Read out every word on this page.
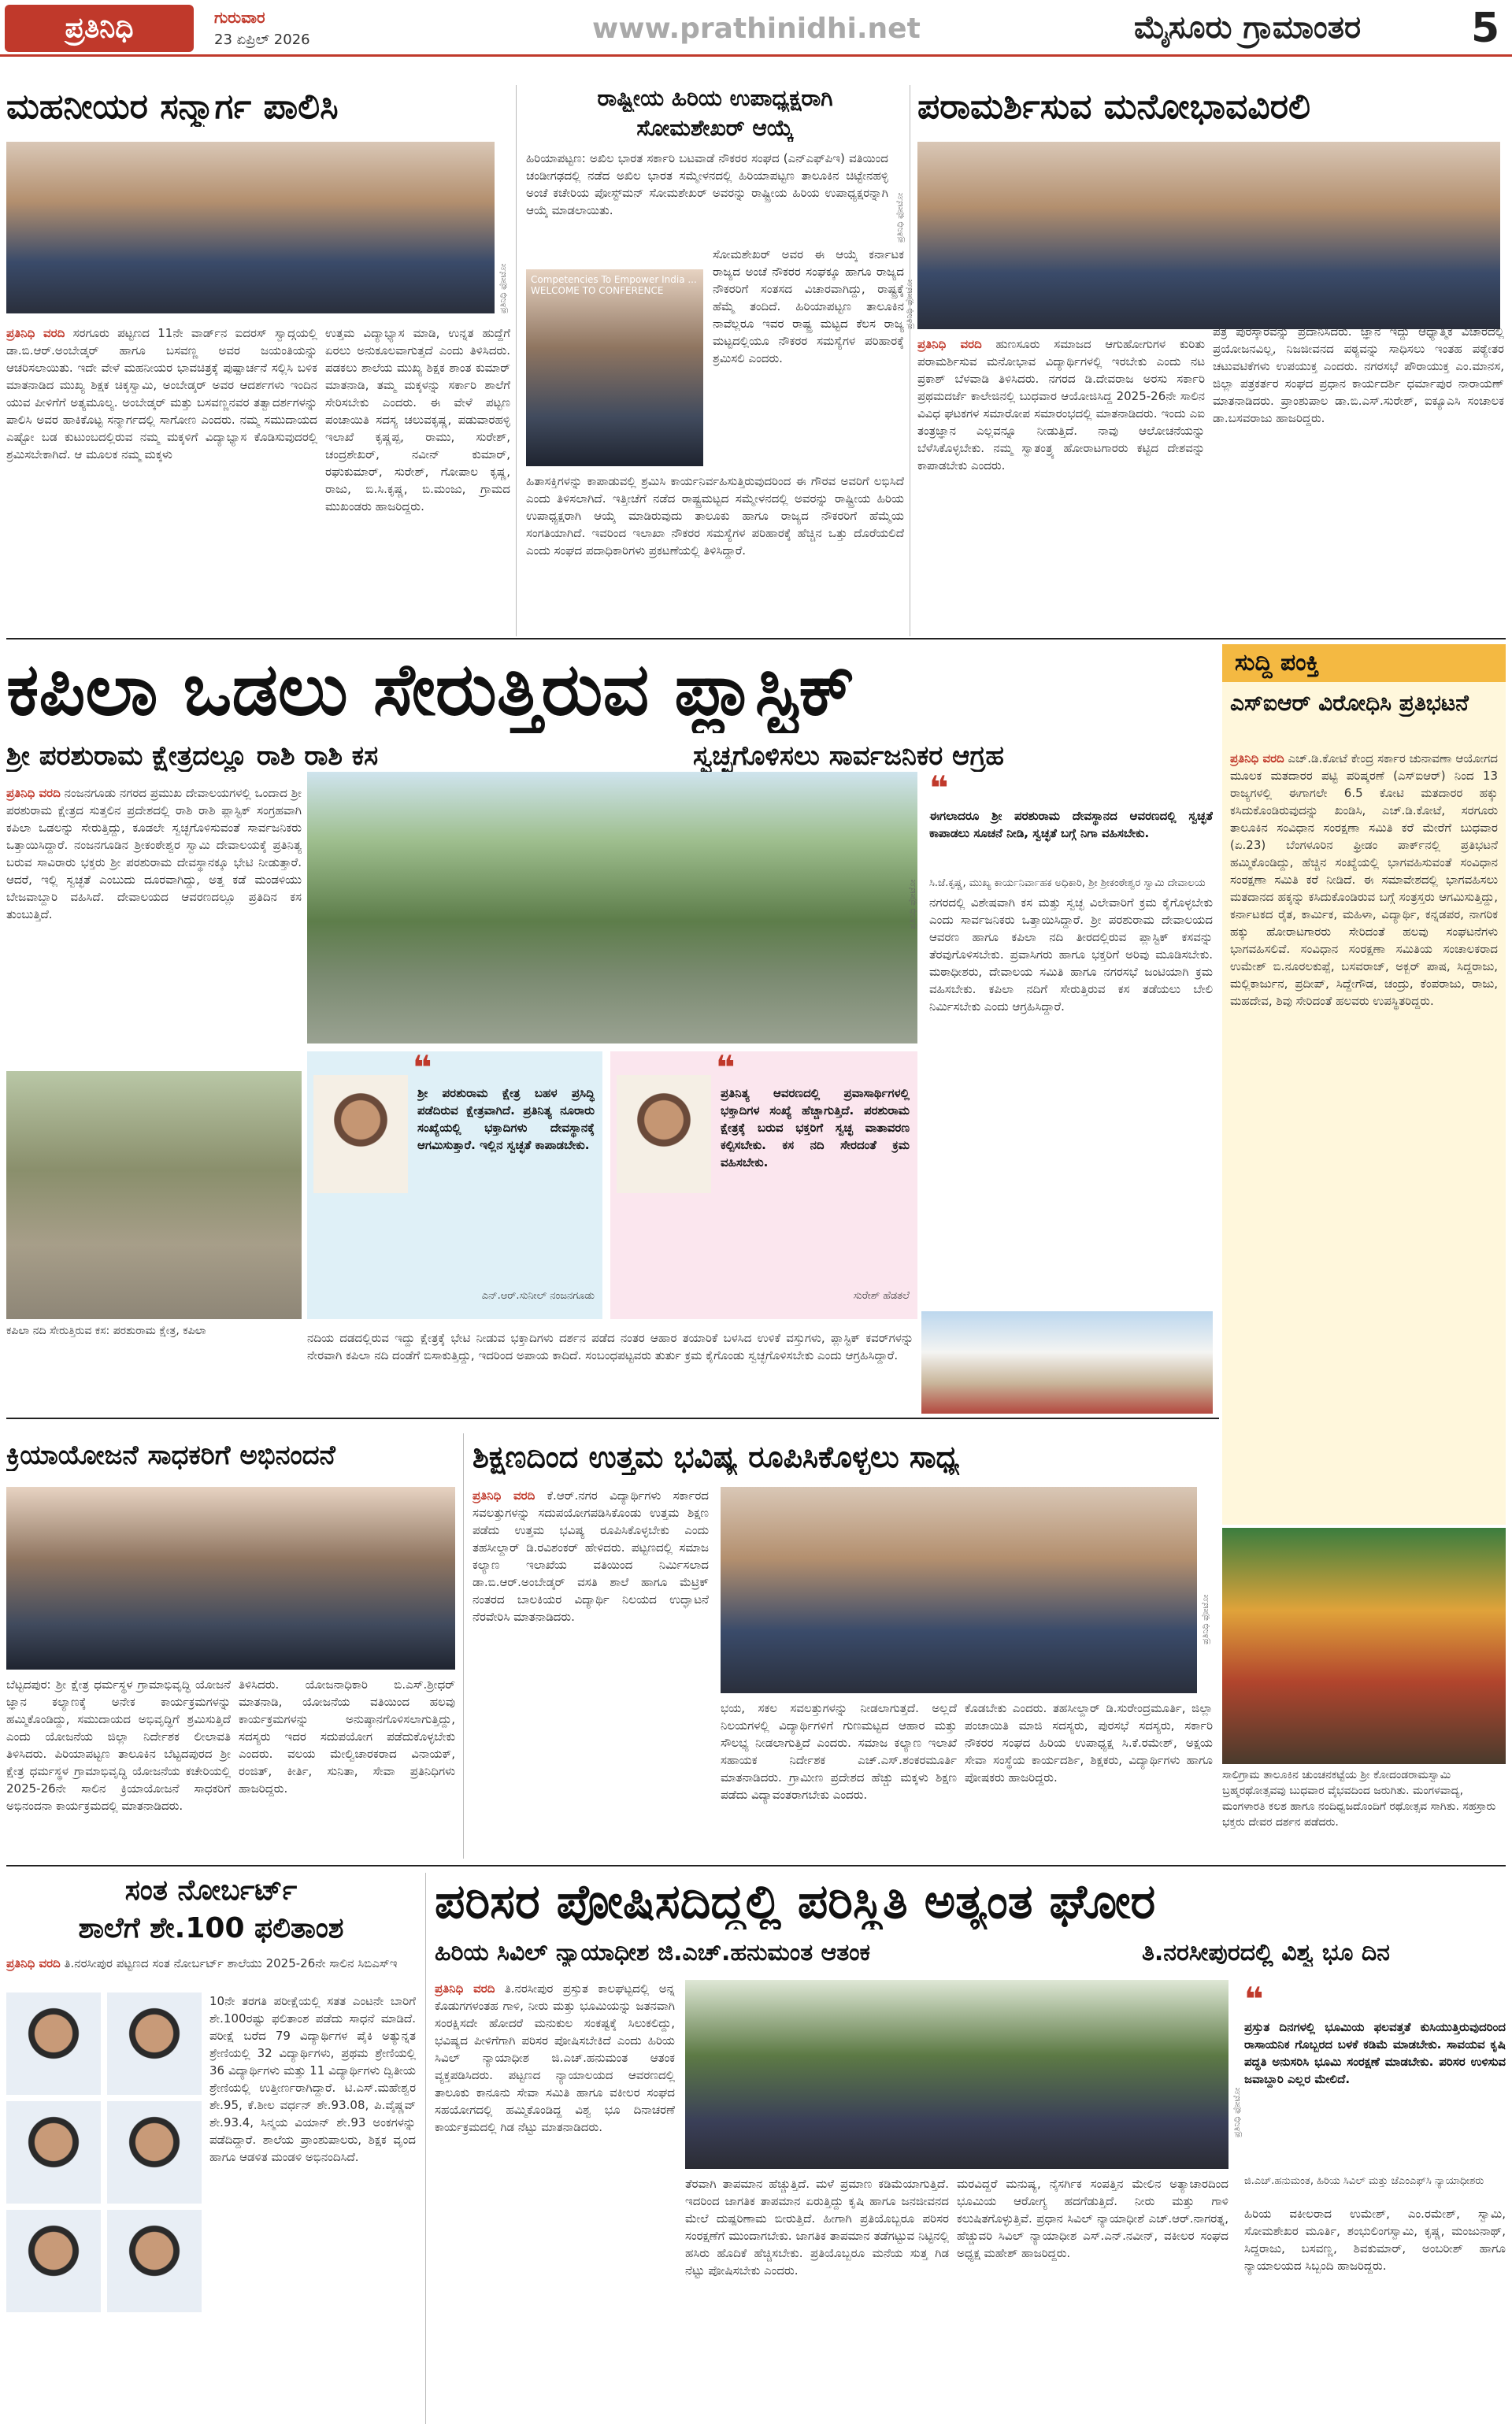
ಪ್ರತಿನಿಧಿ	ಗುರುವಾರ
23 ಏಪ್ರಿಲ್ 2026	www.prathinidhi.net	ಮೈಸೂರು ಗ್ರಾಮಾಂತರ	5
ಮಹನೀಯರ ಸನ್ಮಾರ್ಗ ಪಾಲಿಸಿ
ಪ್ರತಿನಿಧಿ ಫೋಟೋ
ಪ್ರತಿನಿಧಿ ವರದಿ ಸರಗೂರು ಪಟ್ಟಣದ 11ನೇ ವಾರ್ಡ್‌ನ ಐದರಸ್ ಸ್ವಾದ್ಗಯಲ್ಲಿ ಡಾ.ಬಿ.ಆರ್.ಅಂಬೇಡ್ಕರ್ ಹಾಗೂ ಬಸವಣ್ಣ ಅವರ ಜಯಂತಿಯನ್ನು ಆಚರಿಸಲಾಯಿತು. ಇದೇ ವೇಳೆ ಮಹನೀಯರ ಭಾವಚಿತ್ರಕ್ಕೆ ಪುಷ್ಪಾರ್ಚನೆ ಸಲ್ಲಿಸಿ ಬಳಿಕ ಮಾತನಾಡಿದ ಮುಖ್ಯ ಶಿಕ್ಷಕ ಚಿಕ್ಕಸ್ವಾಮಿ, ಅಂಬೇಡ್ಕರ್ ಅವರ ಆದರ್ಶಗಳು ಇಂದಿನ ಯುವ ಪೀಳಿಗೆಗೆ ಅತ್ಯಮೂಲ್ಯ. ಅಂಬೇಡ್ಕರ್ ಮತ್ತು ಬಸವಣ್ಣನವರ ತತ್ವಾದರ್ಶಗಳನ್ನು ಪಾಲಿಸಿ ಅವರ ಹಾಕಿಕೊಟ್ಟ ಸನ್ಮಾರ್ಗದಲ್ಲಿ ಸಾಗೋಣ ಎಂದರು. ನಮ್ಮ ಸಮುದಾಯದ ಎಷ್ಟೋ ಬಡ ಕುಟುಂಬದಲ್ಲಿರುವ ನಮ್ಮ ಮಕ್ಕಳಿಗೆ ವಿದ್ಯಾಭ್ಯಾಸ ಕೊಡಿಸುವುದರಲ್ಲಿ ಶ್ರಮಿಸಬೇಕಾಗಿದೆ. ಆ ಮೂಲಕ ನಮ್ಮ ಮಕ್ಕಳು
ಉತ್ತಮ ವಿದ್ಯಾಭ್ಯಾಸ ಮಾಡಿ, ಉನ್ನತ ಹುದ್ದೆಗೆ ಏರಲು ಅನುಕೂಲವಾಗುತ್ತದೆ ಎಂದು ತಿಳಿಸಿದರು. ಪಡಕಲು ಶಾಲೆಯ ಮುಖ್ಯ ಶಿಕ್ಷಕ ಶಾಂತ ಕುಮಾರ್ ಮಾತನಾಡಿ, ತಮ್ಮ ಮಕ್ಕಳನ್ನು ಸರ್ಕಾರಿ ಶಾಲೆಗೆ ಸೇರಿಸಬೇಕು ಎಂದರು. ಈ ವೇಳೆ ಪಟ್ಟಣ ಪಂಚಾಯಿತಿ ಸದಸ್ಯ ಚಲುವಕೃಷ್ಣ, ಪಡುವಾರಹಳ್ಳಿ ಇಲಾಖೆ ಕೃಷ್ಣಪ್ಪ, ರಾಮು, ಸುರೇಶ್, ಚಂದ್ರಶೇಖರ್, ನವೀನ್ ಕುಮಾರ್, ರಘುಕುಮಾರ್, ಸುರೇಶ್, ಗೋಪಾಲ ಕೃಷ್ಣ, ರಾಜು, ಬಿ.ಸಿ.ಕೃಷ್ಣ, ಬಿ.ಮಂಜು, ಗ್ರಾಮದ ಮುಖಂಡರು ಹಾಜರಿದ್ದರು.
ರಾಷ್ಟ್ರೀಯ ಹಿರಿಯ ಉಪಾಧ್ಯಕ್ಷರಾಗಿ
ಸೋಮಶೇಖರ್ ಆಯ್ಕೆ
ಪ್ರತಿನಿಧಿ ಫೋಟೋ
ಹಿರಿಯಾಪಟ್ಟಣ: ಅಖಿಲ ಭಾರತ ಸರ್ಕಾರಿ ಬಟವಾಡೆ ನೌಕರರ ಸಂಘದ (ಎನ್ಎಫ್‌ಪಿಇ) ವತಿಯಿಂದ ಚಂಡೀಗಢದಲ್ಲಿ ನಡೆದ ಅಖಿಲ ಭಾರತ ಸಮ್ಮೇಳನದಲ್ಲಿ ಹಿರಿಯಾಪಟ್ಟಣ ತಾಲೂಕಿನ ಚಿಟ್ಟೇನಹಳ್ಳಿ ಅಂಚೆ ಕಚೇರಿಯ ಪೋಸ್ಟ್‌ಮನ್ ಸೋಮಶೇಖರ್ ಅವರನ್ನು ರಾಷ್ಟ್ರೀಯ ಹಿರಿಯ ಉಪಾಧ್ಯಕ್ಷರನ್ನಾಗಿ ಆಯ್ಕೆ ಮಾಡಲಾಯಿತು.
Competencies To Empower India ... WELCOME TO CONFERENCE
ಸೋಮಶೇಖರ್ ಅವರ ಈ ಆಯ್ಕೆ ಕರ್ನಾಟಕ ರಾಜ್ಯದ ಅಂಚೆ ನೌಕರರ ಸಂಘಕ್ಕೂ ಹಾಗೂ ರಾಜ್ಯದ ನೌಕರರಿಗೆ ಸಂತಸದ ವಿಚಾರವಾಗಿದ್ದು, ರಾಷ್ಟ್ರಕ್ಕೆ ಹೆಮ್ಮೆ ತಂದಿದೆ. ಹಿರಿಯಾಪಟ್ಟಣ ತಾಲೂಕಿನ ನಾವೆಲ್ಲರೂ ಇವರ ರಾಷ್ಟ್ರ ಮಟ್ಟದ ಕೆಲಸ ರಾಜ್ಯ ಮಟ್ಟದಲ್ಲಿಯೂ ನೌಕರರ ಸಮಸ್ಯೆಗಳ ಪರಿಹಾರಕ್ಕೆ ಶ್ರಮಿಸಲಿ ಎಂದರು.
ಹಿತಾಸಕ್ತಿಗಳನ್ನು ಕಾಪಾಡುವಲ್ಲಿ ಶ್ರಮಿಸಿ ಕಾರ್ಯನಿರ್ವಹಿಸುತ್ತಿರುವುದರಿಂದ ಈ ಗೌರವ ಅವರಿಗೆ ಲಭಿಸಿದೆ ಎಂದು ತಿಳಿಸಲಾಗಿದೆ. ಇತ್ತೀಚೆಗೆ ನಡೆದ ರಾಷ್ಟ್ರಮಟ್ಟದ ಸಮ್ಮೇಳನದಲ್ಲಿ ಅವರನ್ನು ರಾಷ್ಟ್ರೀಯ ಹಿರಿಯ ಉಪಾಧ್ಯಕ್ಷರಾಗಿ ಆಯ್ಕೆ ಮಾಡಿರುವುದು ತಾಲೂಕು ಹಾಗೂ ರಾಜ್ಯದ ನೌಕರರಿಗೆ ಹೆಮ್ಮೆಯ ಸಂಗತಿಯಾಗಿದೆ. ಇವರಿಂದ ಇಲಾಖಾ ನೌಕರರ ಸಮಸ್ಯೆಗಳ ಪರಿಹಾರಕ್ಕೆ ಹೆಚ್ಚಿನ ಒತ್ತು ದೊರೆಯಲಿದೆ ಎಂದು ಸಂಘದ ಪದಾಧಿಕಾರಿಗಳು ಪ್ರಕಟಣೆಯಲ್ಲಿ ತಿಳಿಸಿದ್ದಾರೆ.
ಪರಾಮರ್ಶಿಸುವ ಮನೋಭಾವವಿರಲಿ
ಪ್ರತಿನಿಧಿ ಫೋಟೋ
ಪ್ರತಿನಿಧಿ ವರದಿ ಹುಣಸೂರು ಸಮಾಜದ ಆಗುಹೋಗುಗಳ ಕುರಿತು ಪರಾಮರ್ಶಿಸುವ ಮನೋಭಾವ ವಿದ್ಯಾರ್ಥಿಗಳಲ್ಲಿ ಇರಬೇಕು ಎಂದು ನಟ ಪ್ರಕಾಶ್ ಬೆಳವಾಡಿ ತಿಳಿಸಿದರು. ನಗರದ ಡಿ.ದೇವರಾಜ ಅರಸು ಸರ್ಕಾರಿ ಪ್ರಥಮದರ್ಜೆ ಕಾಲೇಜಿನಲ್ಲಿ ಬುಧವಾರ ಆಯೋಜಿಸಿದ್ದ 2025-26ನೇ ಸಾಲಿನ ವಿವಿಧ ಘಟಕಗಳ ಸಮಾರೋಪ ಸಮಾರಂಭದಲ್ಲಿ ಮಾತನಾಡಿದರು. ಇಂದು ಎಐ ತಂತ್ರಜ್ಞಾನ ಎಲ್ಲವನ್ನೂ ನೀಡುತ್ತಿದೆ. ನಾವು ಆಲೋಚನೆಯನ್ನು ಬೆಳೆಸಿಕೊಳ್ಳಬೇಕು. ನಮ್ಮ ಸ್ವಾತಂತ್ರ್ಯ ಹೋರಾಟಗಾರರು ಕಟ್ಟಿದ ದೇಶವನ್ನು ಕಾಪಾಡಬೇಕು ಎಂದರು.
ಪತ್ರ ಪುರಸ್ಕಾರವನ್ನು ಪ್ರದಾನಿಸಿದರು. ಜ್ಞಾನ ಇದ್ದು ಆಧ್ಯಾತ್ಮಿಕ ವಿಚಾರದಲ್ಲಿ ಪ್ರಯೋಜನವಿಲ್ಲ, ನಿಜಜೀವನದ ಪಠ್ಯವನ್ನು ಸಾಧಿಸಲು ಇಂತಹ ಪಠ್ಯೇತರ ಚಟುವಟಿಕೆಗಳು ಉಪಯುಕ್ತ ಎಂದರು. ನಗರಸಭೆ ಪೌರಾಯುಕ್ತ ಎಂ.ಮಾನಸ, ಜಿಲ್ಲಾ ಪತ್ರಕರ್ತರ ಸಂಘದ ಪ್ರಧಾನ ಕಾರ್ಯದರ್ಶಿ ಧರ್ಮಾಪುರ ನಾರಾಯಣ್ ಮಾತನಾಡಿದರು. ಪ್ರಾಂಶುಪಾಲ ಡಾ.ಬಿ.ಎಸ್.ಸುರೇಶ್, ಐಕ್ಯೂಎಸಿ ಸಂಚಾಲಕ ಡಾ.ಬಸವರಾಜು ಹಾಜರಿದ್ದರು.
ಕಪಿಲಾ ಒಡಲು ಸೇರುತ್ತಿರುವ ಪ್ಲಾಸ್ಟಿಕ್
ಶ್ರೀ ಪರಶುರಾಮ ಕ್ಷೇತ್ರದಲ್ಲೂ ರಾಶಿ ರಾಶಿ ಕಸ	ಸ್ವಚ್ಛಗೊಳಿಸಲು ಸಾರ್ವಜನಿಕರ ಆಗ್ರಹ
ಪ್ರತಿನಿಧಿ ವರದಿ ನಂಜನಗೂಡು ನಗರದ ಪ್ರಮುಖ ದೇವಾಲಯಗಳಲ್ಲಿ ಒಂದಾದ ಶ್ರೀ ಪರಶುರಾಮ ಕ್ಷೇತ್ರದ ಸುತ್ತಲಿನ ಪ್ರದೇಶದಲ್ಲಿ ರಾಶಿ ರಾಶಿ ಪ್ಲಾಸ್ಟಿಕ್ ಸಂಗ್ರಹವಾಗಿ ಕಪಿಲಾ ಒಡಲನ್ನು ಸೇರುತ್ತಿದ್ದು, ಕೂಡಲೇ ಸ್ವಚ್ಛಗೊಳಿಸುವಂತೆ ಸಾರ್ವಜನಿಕರು ಒತ್ತಾಯಿಸಿದ್ದಾರೆ. ನಂಜನಗೂಡಿನ ಶ್ರೀಕಂಠೇಶ್ವರ ಸ್ವಾಮಿ ದೇವಾಲಯಕ್ಕೆ ಪ್ರತಿನಿತ್ಯ ಬರುವ ಸಾವಿರಾರು ಭಕ್ತರು ಶ್ರೀ ಪರಶುರಾಮ ದೇವಸ್ಥಾನಕ್ಕೂ ಭೇಟಿ ನೀಡುತ್ತಾರೆ. ಆದರೆ, ಇಲ್ಲಿ ಸ್ವಚ್ಛತೆ ಎಂಬುದು ದೂರವಾಗಿದ್ದು, ಅತ್ತ ಕಡೆ ಮಂಡಳಿಯು ಬೇಜವಾಬ್ದಾರಿ ವಹಿಸಿದೆ. ದೇವಾಲಯದ ಆವರಣದಲ್ಲೂ ಪ್ರತಿದಿನ ಕಸ ತುಂಬುತ್ತಿದೆ.	ಪ್ರತಿನಿಧಿ ಫೋಟೋ
❝
ಈಗಲಾದರೂ ಶ್ರೀ ಪರಶುರಾಮ ದೇವಸ್ಥಾನದ ಆವರಣದಲ್ಲಿ ಸ್ವಚ್ಛತೆ ಕಾಪಾಡಲು ಸೂಚನೆ ನೀಡಿ, ಸ್ವಚ್ಛತೆ ಬಗ್ಗೆ ನಿಗಾ ವಹಿಸಬೇಕು.
ಸಿ.ಜೆ.ಕೃಷ್ಣ, ಮುಖ್ಯ ಕಾರ್ಯನಿರ್ವಾಹಕ ಅಧಿಕಾರಿ, ಶ್ರೀ ಶ್ರೀಕಂಠೇಶ್ವರ ಸ್ವಾಮಿ ದೇವಾಲಯ
ನಗರದಲ್ಲಿ ವಿಶೇಷವಾಗಿ ಕಸ ಮತ್ತು ಸ್ವಚ್ಛ ವಿಲೇವಾರಿಗೆ ಕ್ರಮ ಕೈಗೊಳ್ಳಬೇಕು ಎಂದು ಸಾರ್ವಜನಿಕರು ಒತ್ತಾಯಿಸಿದ್ದಾರೆ. ಶ್ರೀ ಪರಶುರಾಮ ದೇವಾಲಯದ ಆವರಣ ಹಾಗೂ ಕಪಿಲಾ ನದಿ ತೀರದಲ್ಲಿರುವ ಪ್ಲಾಸ್ಟಿಕ್ ಕಸವನ್ನು ತೆರವುಗೊಳಿಸಬೇಕು. ಪ್ರವಾಸಿಗರು ಹಾಗೂ ಭಕ್ತರಿಗೆ ಅರಿವು ಮೂಡಿಸಬೇಕು. ಮಠಾಧೀಶರು, ದೇವಾಲಯ ಸಮಿತಿ ಹಾಗೂ ನಗರಸಭೆ ಜಂಟಿಯಾಗಿ ಕ್ರಮ ವಹಿಸಬೇಕು. ಕಪಿಲಾ ನದಿಗೆ ಸೇರುತ್ತಿರುವ ಕಸ ತಡೆಯಲು ಬೇಲಿ ನಿರ್ಮಿಸಬೇಕು ಎಂದು ಆಗ್ರಹಿಸಿದ್ದಾರೆ.
ಕಪಿಲಾ ನದಿ ಸೇರುತ್ತಿರುವ ಕಸ: ಪರಶುರಾಮ ಕ್ಷೇತ್ರ, ಕಪಿಲಾ
❝
ಶ್ರೀ ಪರಶುರಾಮ ಕ್ಷೇತ್ರ ಬಹಳ ಪ್ರಸಿದ್ಧಿ ಪಡೆದಿರುವ ಕ್ಷೇತ್ರವಾಗಿದೆ. ಪ್ರತಿನಿತ್ಯ ನೂರಾರು ಸಂಖ್ಯೆಯಲ್ಲಿ ಭಕ್ತಾದಿಗಳು ದೇವಸ್ಥಾನಕ್ಕೆ ಆಗಮಿಸುತ್ತಾರೆ. ಇಲ್ಲಿನ ಸ್ವಚ್ಛತೆ ಕಾಪಾಡಬೇಕು.
ಎನ್.ಆರ್.ಸುನೀಲ್ ನಂಜನಗೂಡು
❝
ಪ್ರತಿನಿತ್ಯ ಆವರಣದಲ್ಲಿ ಪ್ರವಾಸಾರ್ಥಿಗಳಲ್ಲಿ ಭಕ್ತಾದಿಗಳ ಸಂಖ್ಯೆ ಹೆಚ್ಚಾಗುತ್ತಿದೆ. ಪರಶುರಾಮ ಕ್ಷೇತ್ರಕ್ಕೆ ಬರುವ ಭಕ್ತರಿಗೆ ಸ್ವಚ್ಛ ವಾತಾವರಣ ಕಲ್ಪಿಸಬೇಕು. ಕಸ ನದಿ ಸೇರದಂತೆ ಕ್ರಮ ವಹಿಸಬೇಕು.
ಸುರೇಶ್ ಹೆಡತಲೆ
ನದಿಯ ದಡದಲ್ಲಿರುವ ಇದ್ದು ಕ್ಷೇತ್ರಕ್ಕೆ ಭೇಟಿ ನೀಡುವ ಭಕ್ತಾದಿಗಳು ದರ್ಶನ ಪಡೆದ ನಂತರ ಆಹಾರ ತಯಾರಿಕೆ ಬಳಸಿದ ಉಳಿಕೆ ವಸ್ತುಗಳು, ಪ್ಲಾಸ್ಟಿಕ್ ಕವರ್‌ಗಳನ್ನು ನೇರವಾಗಿ ಕಪಿಲಾ ನದಿ ದಂಡೆಗೆ ಬಿಸಾಕುತ್ತಿದ್ದು, ಇದರಿಂದ ಅಪಾಯ ಕಾದಿದೆ. ಸಂಬಂಧಪಟ್ಟವರು ತುರ್ತು ಕ್ರಮ ಕೈಗೊಂಡು ಸ್ವಚ್ಛಗೊಳಿಸಬೇಕು ಎಂದು ಆಗ್ರಹಿಸಿದ್ದಾರೆ.
ಸುದ್ದಿ ಪಂಕ್ತಿ
ಎಸ್‌ಐಆರ್ ವಿರೋಧಿಸಿ ಪ್ರತಿಭಟನೆ
ಪ್ರತಿನಿಧಿ ವರದಿ ಎಚ್.ಡಿ.ಕೋಟೆ ಕೇಂದ್ರ ಸರ್ಕಾರ ಚುನಾವಣಾ ಆಯೋಗದ ಮೂಲಕ ಮತದಾರರ ಪಟ್ಟಿ ಪರಿಷ್ಕರಣೆ (ಎಸ್‌ಐಆರ್) ನಿಂದ 13 ರಾಜ್ಯಗಳಲ್ಲಿ ಈಗಾಗಲೇ 6.5 ಕೋಟಿ ಮತದಾರರ ಹಕ್ಕು ಕಸಿದುಕೊಂಡಿರುವುದನ್ನು ಖಂಡಿಸಿ, ಎಚ್.ಡಿ.ಕೋಟೆ, ಸರಗೂರು ತಾಲೂಕಿನ ಸಂವಿಧಾನ ಸಂರಕ್ಷಣಾ ಸಮಿತಿ ಕರೆ ಮೇರೆಗೆ ಬುಧವಾರ (ಏ.23) ಬೆಂಗಳೂರಿನ ಫ್ರೀಡಂ ಪಾರ್ಕ್‌ನಲ್ಲಿ ಪ್ರತಿಭಟನೆ ಹಮ್ಮಿಕೊಂಡಿದ್ದು, ಹೆಚ್ಚಿನ ಸಂಖ್ಯೆಯಲ್ಲಿ ಭಾಗವಹಿಸುವಂತೆ ಸಂವಿಧಾನ ಸಂರಕ್ಷಣಾ ಸಮಿತಿ ಕರೆ ನೀಡಿದೆ. ಈ ಸಮಾವೇಶದಲ್ಲಿ ಭಾಗವಹಿಸಲು ಮತದಾನದ ಹಕ್ಕನ್ನು ಕಸಿದುಕೊಂಡಿರುವ ಬಗ್ಗೆ ಸಂತ್ರಸ್ತರು ಆಗಮಿಸುತ್ತಿದ್ದು, ಕರ್ನಾಟಕದ ರೈತ, ಕಾರ್ಮಿಕ, ಮಹಿಳಾ, ವಿದ್ಯಾರ್ಥಿ, ಕನ್ನಡಪರ, ನಾಗರಿಕ ಹಕ್ಕು ಹೋರಾಟಗಾರರು ಸೇರಿದಂತೆ ಹಲವು ಸಂಘಟನೆಗಳು ಭಾಗವಹಿಸಲಿವೆ. ಸಂವಿಧಾನ ಸಂರಕ್ಷಣಾ ಸಮಿತಿಯ ಸಂಚಾಲಕರಾದ ಉಮೇಶ್ ಬಿ.ನೂರಲಕುಪ್ಪೆ, ಬಸವರಾಜ್, ಅಕ್ಬರ್ ಪಾಷ, ಸಿದ್ದರಾಜು, ಮಲ್ಲಿಕಾರ್ಜುನ, ಪ್ರದೀಪ್, ಸಿದ್ದೇಗೌಡ, ಚಂದ್ರು, ಕೆಂಪರಾಜು, ರಾಜು, ಮಹದೇವ, ಶಿವು ಸೇರಿದಂತೆ ಹಲವರು ಉಪಸ್ಥಿತರಿದ್ದರು.
ಸಾಲಿಗ್ರಾಮ ತಾಲೂಕಿನ ಚುಂಚನಕಟ್ಟೆಯ ಶ್ರೀ ಕೋದಂಡರಾಮಸ್ವಾಮಿ ಬ್ರಹ್ಮರಥೋತ್ಸವವು ಬುಧವಾರ ವೈಭವದಿಂದ ಜರುಗಿತು. ಮಂಗಳವಾದ್ಯ, ಮಂಗಳಾರತಿ ಕಲಶ ಹಾಗೂ ನಂದಿಧ್ವಜದೊಂದಿಗೆ ರಥೋತ್ಸವ ಸಾಗಿತು. ಸಹಸ್ರಾರು ಭಕ್ತರು ದೇವರ ದರ್ಶನ ಪಡೆದರು.
ಕ್ರಿಯಾಯೋಜನೆ ಸಾಧಕರಿಗೆ ಅಭಿನಂದನೆ
ಬೆಟ್ಟದಪುರ: ಶ್ರೀ ಕ್ಷೇತ್ರ ಧರ್ಮಸ್ಥಳ ಗ್ರಾಮಾಭಿವೃದ್ಧಿ ಯೋಜನೆ ಜ್ಞಾನ ಕಲ್ಯಾಣಕ್ಕೆ ಅನೇಕ ಕಾರ್ಯಕ್ರಮಗಳನ್ನು ಹಮ್ಮಿಕೊಂಡಿದ್ದು, ಸಮುದಾಯದ ಅಭಿವೃದ್ಧಿಗೆ ಶ್ರಮಿಸುತ್ತಿದೆ ಎಂದು ಯೋಜನೆಯ ಜಿಲ್ಲಾ ನಿರ್ದೇಶಕ ಲೀಲಾವತಿ ತಿಳಿಸಿದರು. ಪಿರಿಯಾಪಟ್ಟಣ ತಾಲೂಕಿನ ಬೆಟ್ಟದಪುರದ ಶ್ರೀ ಕ್ಷೇತ್ರ ಧರ್ಮಸ್ಥಳ ಗ್ರಾಮಾಭಿವೃದ್ಧಿ ಯೋಜನೆಯ ಕಚೇರಿಯಲ್ಲಿ 2025-26ನೇ ಸಾಲಿನ ಕ್ರಿಯಾಯೋಜನೆ ಸಾಧಕರಿಗೆ ಅಭಿನಂದನಾ ಕಾರ್ಯಕ್ರಮದಲ್ಲಿ ಮಾತನಾಡಿದರು.
ತಿಳಿಸಿದರು. ಯೋಜನಾಧಿಕಾರಿ ಬಿ.ಎಸ್.ಶ್ರೀಧರ್ ಮಾತನಾಡಿ, ಯೋಜನೆಯ ವತಿಯಿಂದ ಹಲವು ಕಾರ್ಯಕ್ರಮಗಳನ್ನು ಅನುಷ್ಠಾನಗೊಳಿಸಲಾಗುತ್ತಿದ್ದು, ಸದಸ್ಯರು ಇದರ ಸದುಪಯೋಗ ಪಡೆದುಕೊಳ್ಳಬೇಕು ಎಂದರು. ವಲಯ ಮೇಲ್ವಿಚಾರಕರಾದ ವಿನಾಯಕ್, ರಂಜಿತ್, ಕೀರ್ತಿ, ಸುನಿತಾ, ಸೇವಾ ಪ್ರತಿನಿಧಿಗಳು ಹಾಜರಿದ್ದರು.
ಶಿಕ್ಷಣದಿಂದ ಉತ್ತಮ ಭವಿಷ್ಯ ರೂಪಿಸಿಕೊಳ್ಳಲು ಸಾಧ್ಯ
ಪ್ರತಿನಿಧಿ ವರದಿ ಕೆ.ಆರ್.ನಗರ ವಿದ್ಯಾರ್ಥಿಗಳು ಸರ್ಕಾರದ ಸವಲತ್ತುಗಳನ್ನು ಸದುಪಯೋಗಪಡಿಸಿಕೊಂಡು ಉತ್ತಮ ಶಿಕ್ಷಣ ಪಡೆದು ಉತ್ತಮ ಭವಿಷ್ಯ ರೂಪಿಸಿಕೊಳ್ಳಬೇಕು ಎಂದು ತಹಸೀಲ್ದಾರ್ ಡಿ.ರವಿಶಂಕರ್ ಹೇಳಿದರು. ಪಟ್ಟಣದಲ್ಲಿ ಸಮಾಜ ಕಲ್ಯಾಣ ಇಲಾಖೆಯ ವತಿಯಿಂದ ನಿರ್ಮಿಸಲಾದ ಡಾ.ಬಿ.ಆರ್.ಅಂಬೇಡ್ಕರ್ ವಸತಿ ಶಾಲೆ ಹಾಗೂ ಮೆಟ್ರಿಕ್ ನಂತರದ ಬಾಲಕಿಯರ ವಿದ್ಯಾರ್ಥಿ ನಿಲಯದ ಉದ್ಘಾಟನೆ ನೆರವೇರಿಸಿ ಮಾತನಾಡಿದರು.	ಪ್ರತಿನಿಧಿ ಫೋಟೋ
ಭಯ, ಸಕಲ ಸವಲತ್ತುಗಳನ್ನು ನೀಡಲಾಗುತ್ತದೆ. ಅಲ್ಲದೆ ನಿಲಯಗಳಲ್ಲಿ ವಿದ್ಯಾರ್ಥಿಗಳಿಗೆ ಗುಣಮಟ್ಟದ ಆಹಾರ ಮತ್ತು ಸೌಲಭ್ಯ ನೀಡಲಾಗುತ್ತಿದೆ ಎಂದರು. ಸಮಾಜ ಕಲ್ಯಾಣ ಇಲಾಖೆ ಸಹಾಯಕ ನಿರ್ದೇಶಕ ಎಚ್.ಎಸ್.ಶಂಕರಮೂರ್ತಿ ಮಾತನಾಡಿದರು. ಗ್ರಾಮೀಣ ಪ್ರದೇಶದ ಹೆಚ್ಚು ಮಕ್ಕಳು ಶಿಕ್ಷಣ ಪಡೆದು ವಿದ್ಯಾವಂತರಾಗಬೇಕು ಎಂದರು.
ಕೊಡಬೇಕು ಎಂದರು. ತಹಸೀಲ್ದಾರ್ ಡಿ.ಸುರೇಂದ್ರಮೂರ್ತಿ, ಜಿಲ್ಲಾ ಪಂಚಾಯಿತಿ ಮಾಜಿ ಸದಸ್ಯರು, ಪುರಸಭೆ ಸದಸ್ಯರು, ಸರ್ಕಾರಿ ನೌಕರರ ಸಂಘದ ಹಿರಿಯ ಉಪಾಧ್ಯಕ್ಷ ಸಿ.ಕೆ.ರಮೇಶ್, ಅಕ್ಷಯ ಸೇವಾ ಸಂಸ್ಥೆಯ ಕಾರ್ಯದರ್ಶಿ, ಶಿಕ್ಷಕರು, ವಿದ್ಯಾರ್ಥಿಗಳು ಹಾಗೂ ಪೋಷಕರು ಹಾಜರಿದ್ದರು.
ಸಂತ ನೋರ್ಬರ್ಟ್
ಶಾಲೆಗೆ ಶೇ.100 ಫಲಿತಾಂಶ
ಪ್ರತಿನಿಧಿ ವರದಿ ತಿ.ನರಸೀಪುರ ಪಟ್ಟಣದ ಸಂತ ನೋರ್ಬರ್ಟ್ ಶಾಲೆಯು 2025-26ನೇ ಸಾಲಿನ ಸಿಬಿಎಸ್‌ಇ
10ನೇ ತರಗತಿ ಪರೀಕ್ಷೆಯಲ್ಲಿ ಸತತ ಎಂಟನೇ ಬಾರಿಗೆ ಶೇ.100ರಷ್ಟು ಫಲಿತಾಂಶ ಪಡೆದು ಸಾಧನೆ ಮಾಡಿದೆ. ಪರೀಕ್ಷೆ ಬರೆದ 79 ವಿದ್ಯಾರ್ಥಿಗಳ ಪೈಕಿ ಅತ್ಯುನ್ನತ ಶ್ರೇಣಿಯಲ್ಲಿ 32 ವಿದ್ಯಾರ್ಥಿಗಳು, ಪ್ರಥಮ ಶ್ರೇಣಿಯಲ್ಲಿ 36 ವಿದ್ಯಾರ್ಥಿಗಳು ಮತ್ತು 11 ವಿದ್ಯಾರ್ಥಿಗಳು ದ್ವಿತೀಯ ಶ್ರೇಣಿಯಲ್ಲಿ ಉತ್ತೀರ್ಣರಾಗಿದ್ದಾರೆ. ಟಿ.ಎಸ್.ಮಹೇಶ್ವರ ಶೇ.95, ಕೆ.ಶೀಲ ವರ್ಧನ್ ಶೇ.93.08, ಪಿ.ವೈಷ್ಣವ್ ಶೇ.93.4, ಸಿನ್ಮಯ ವಿಯಾನ್ ಶೇ.93 ಅಂಕಗಳನ್ನು ಪಡೆದಿದ್ದಾರೆ. ಶಾಲೆಯ ಪ್ರಾಂಶುಪಾಲರು, ಶಿಕ್ಷಕ ವೃಂದ ಹಾಗೂ ಆಡಳಿತ ಮಂಡಳಿ ಅಭಿನಂದಿಸಿದೆ.
ಪರಿಸರ ಪೋಷಿಸದಿದ್ದಲ್ಲಿ ಪರಿಸ್ಥಿತಿ ಅತ್ಯಂತ ಘೋರ
ಹಿರಿಯ ಸಿವಿಲ್ ನ್ಯಾಯಾಧೀಶ ಜಿ.ಎಚ್.ಹನುಮಂತ ಆತಂಕ	ತಿ.ನರಸೀಪುರದಲ್ಲಿ ವಿಶ್ವ ಭೂ ದಿನ
ಪ್ರತಿನಿಧಿ ವರದಿ ತಿ.ನರಸೀಪುರ ಪ್ರಸ್ತುತ ಕಾಲಘಟ್ಟದಲ್ಲಿ ಅನ್ನ ಕೊಡುಗಗಳಂತಹ ಗಾಳಿ, ನೀರು ಮತ್ತು ಭೂಮಿಯನ್ನು ಜತನವಾಗಿ ಸಂರಕ್ಷಿಸದೇ ಹೋದರೆ ಮನುಕುಲ ಸಂಕಷ್ಟಕ್ಕೆ ಸಿಲುಕಲಿದ್ದು, ಭವಿಷ್ಯದ ಪೀಳಿಗೆಗಾಗಿ ಪರಿಸರ ಪೋಷಿಸಬೇಕಿದೆ ಎಂದು ಹಿರಿಯ ಸಿವಿಲ್ ನ್ಯಾಯಾಧೀಶ ಜಿ.ಎಚ್.ಹನುಮಂತ ಆತಂಕ ವ್ಯಕ್ತಪಡಿಸಿದರು. ಪಟ್ಟಣದ ನ್ಯಾಯಾಲಯದ ಆವರಣದಲ್ಲಿ ತಾಲೂಕು ಕಾನೂನು ಸೇವಾ ಸಮಿತಿ ಹಾಗೂ ವಕೀಲರ ಸಂಘದ ಸಹಯೋಗದಲ್ಲಿ ಹಮ್ಮಿಕೊಂಡಿದ್ದ ವಿಶ್ವ ಭೂ ದಿನಾಚರಣೆ ಕಾರ್ಯಕ್ರಮದಲ್ಲಿ ಗಿಡ ನೆಟ್ಟು ಮಾತನಾಡಿದರು.	ಪ್ರತಿನಿಧಿ ಫೋಟೋ
ತೆರವಾಗಿ ತಾಪಮಾನ ಹೆಚ್ಚುತ್ತಿದೆ. ಮಳೆ ಪ್ರಮಾಣ ಕಡಿಮೆಯಾಗುತ್ತಿದೆ. ಇದರಿಂದ ಜಾಗತಿಕ ತಾಪಮಾನ ಏರುತ್ತಿದ್ದು ಕೃಷಿ ಹಾಗೂ ಜನಜೀವನದ ಮೇಲೆ ದುಷ್ಪರಿಣಾಮ ಬೀರುತ್ತಿದೆ. ಹೀಗಾಗಿ ಪ್ರತಿಯೊಬ್ಬರೂ ಪರಿಸರ ಸಂರಕ್ಷಣೆಗೆ ಮುಂದಾಗಬೇಕು. ಜಾಗತಿಕ ತಾಪಮಾನ ತಡೆಗಟ್ಟುವ ನಿಟ್ಟಿನಲ್ಲಿ ಹಸಿರು ಹೊದಿಕೆ ಹೆಚ್ಚಿಸಬೇಕು. ಪ್ರತಿಯೊಬ್ಬರೂ ಮನೆಯ ಸುತ್ತ ಗಿಡ ನೆಟ್ಟು ಪೋಷಿಸಬೇಕು ಎಂದರು.
ಮರವಿದ್ದರೆ ಮನುಷ್ಯ, ನೈಸರ್ಗಿಕ ಸಂಪತ್ತಿನ ಮೇಲಿನ ಅತ್ಯಾಚಾರದಿಂದ ಭೂಮಿಯ ಆರೋಗ್ಯ ಹದಗೆಡುತ್ತಿದೆ. ನೀರು ಮತ್ತು ಗಾಳಿ ಕಲುಷಿತಗೊಳ್ಳುತ್ತಿವೆ. ಪ್ರಧಾನ ಸಿವಿಲ್ ನ್ಯಾಯಾಧೀಶೆ ಎಚ್.ಆರ್.ನಾಗರತ್ನ, ಹೆಚ್ಚುವರಿ ಸಿವಿಲ್ ನ್ಯಾಯಾಧೀಶ ಎಸ್.ಎನ್.ನವೀನ್, ವಕೀಲರ ಸಂಘದ ಅಧ್ಯಕ್ಷ ಮಹೇಶ್ ಹಾಜರಿದ್ದರು.
❝
ಪ್ರಸ್ತುತ ದಿನಗಳಲ್ಲಿ ಭೂಮಿಯ ಫಲವತ್ತತೆ ಕುಸಿಯುತ್ತಿರುವುದರಿಂದ ರಾಸಾಯನಿಕ ಗೊಬ್ಬರದ ಬಳಕೆ ಕಡಿಮೆ ಮಾಡಬೇಕು. ಸಾವಯವ ಕೃಷಿ ಪದ್ಧತಿ ಅನುಸರಿಸಿ ಭೂಮಿ ಸಂರಕ್ಷಣೆ ಮಾಡಬೇಕು. ಪರಿಸರ ಉಳಿಸುವ ಜವಾಬ್ದಾರಿ ಎಲ್ಲರ ಮೇಲಿದೆ.
ಜಿ.ಎಚ್.ಹನುಮಂತ, ಹಿರಿಯ ಸಿವಿಲ್ ಮತ್ತು ಜೆಎಂಎಫ್‌ಸಿ ನ್ಯಾಯಾಧೀಶರು
ಹಿರಿಯ ವಕೀಲರಾದ ಉಮೇಶ್, ಎಂ.ರಮೇಶ್, ಸ್ವಾಮಿ, ಸೋಮಶೇಖರ ಮೂರ್ತಿ, ಶಂಭುಲಿಂಗಸ್ವಾಮಿ, ಕೃಷ್ಣ, ಮಂಜುನಾಥ್, ಸಿದ್ದರಾಜು, ಬಸವಣ್ಣ, ಶಿವಕುಮಾರ್, ಅಂಬರೀಶ್ ಹಾಗೂ ನ್ಯಾಯಾಲಯದ ಸಿಬ್ಬಂದಿ ಹಾಜರಿದ್ದರು.
